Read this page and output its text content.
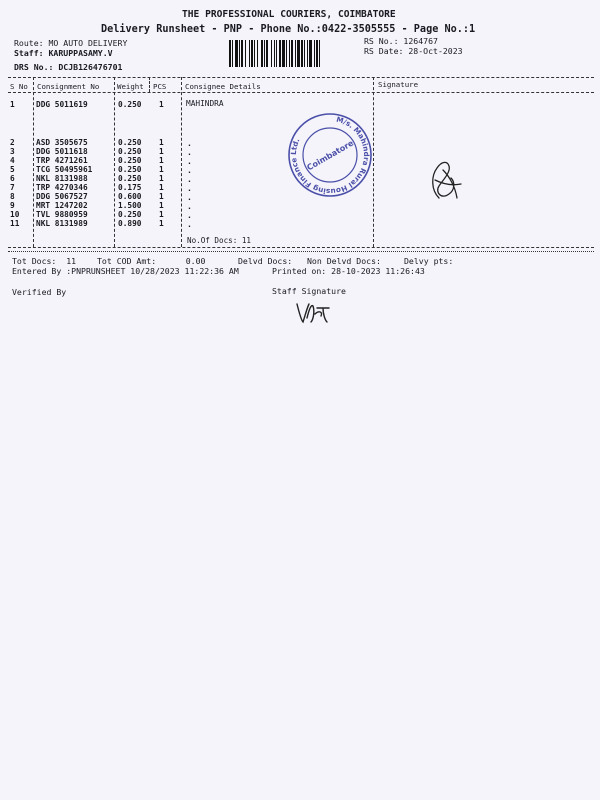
THE PROFESSIONAL COURIERS, COIMBATORE
Delivery Runsheet - PNP - Phone No.:0422-3505555 - Page No.:1
Route: MO AUTO DELIVERY
Staff: KARUPPASAMY.V
DRS No.: DCJB126476701
RS No.: 1264767
RS Date: 28-Oct-2023
S No Consignment No Weight PCS	Consignee Details	Signature
1	DDG 5011619	0.250 1	MAHINDRA
2	ASD 3505675	0.250 1	.
3	DDG 5011618	0.250 1	.
4	TRP 4271261	0.250 1	.
5	TCG 50495961	0.250 1	.
6	NKL 8131988	0.250 1	.
7	TRP 4270346	0.175 1	.
8	DDG 5067527	0.600 1	.
9	MRT 1247202	1.500 1	.
10 TVL 9880959	0.250 1	.
11 NKL 8131989	0.890 1	.
No.Of Docs: 11
M/s. Mahindra Rural Housing Finance Ltd. Coimbatore
Tot Docs:  11	Tot COD Amt:      0.00	Delvd Docs: Non Delvd Docs:	Delvy pts:
Entered By :PNPRUNSHEET 10/28/2023 11:22:36 AM	Printed on: 28-10-2023 11:26:43
Verified By	Staff Signature
